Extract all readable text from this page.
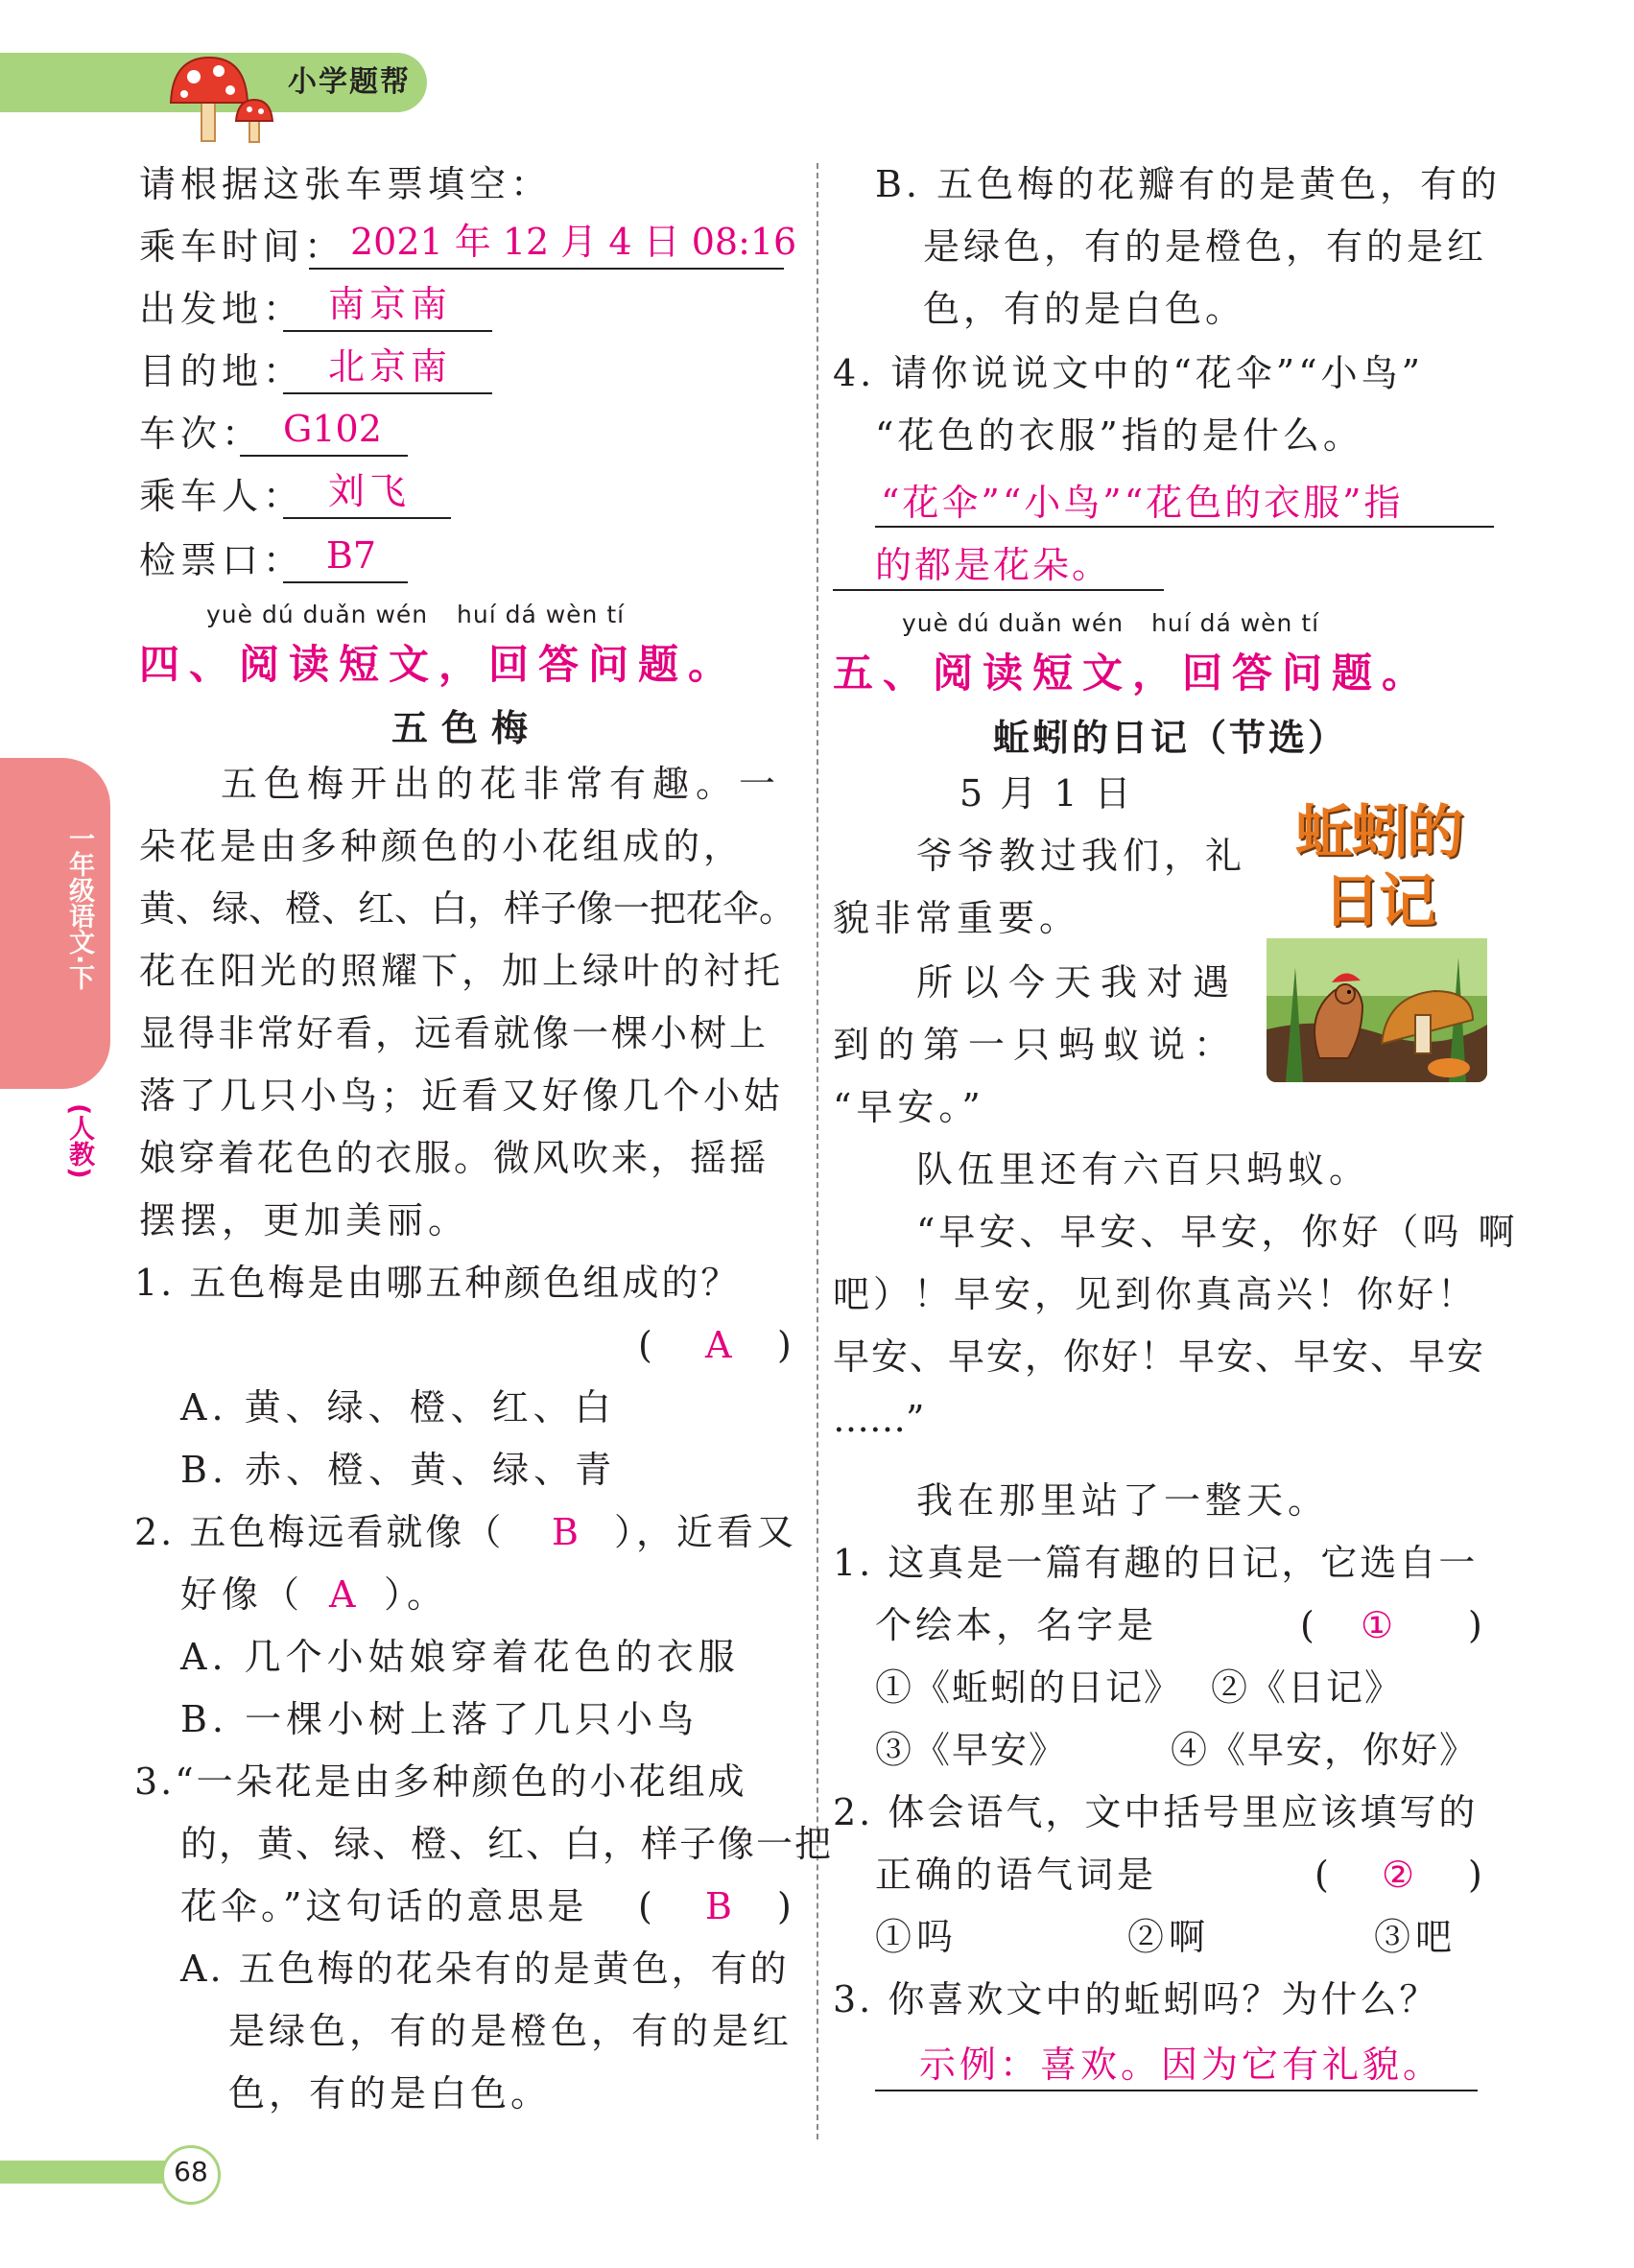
小学题帮
一年级语文·下
(人教)
68
请根据这张车票填空：
乘车时间： 2021 年 12 月 4 日 08:16
出发地： 南京南
目的地： 北京南
车次： G102
乘车人： 刘飞
检票口： B7
yuè dú duǎn wén huí dá wèn tí
四、阅读短文，回答问题。
五色梅
五色梅开出的花非常有趣。一
朵花是由多种颜色的小花组成的，
黄、绿、橙、红、白，样子像一把花伞。
花在阳光的照耀下，加上绿叶的衬托
显得非常好看，远看就像一棵小树上
落了几只小鸟；近看又好像几个小姑
娘穿着花色的衣服。微风吹来，摇摇
摆摆，更加美丽。
1. 五色梅是由哪五种颜色组成的？
( A )
A. 黄、绿、橙、红、白
B. 赤、橙、黄、绿、青
2. 五色梅远看就像（ B ），近看又
好像（ A ）。
A. 几个小姑娘穿着花色的衣服
B. 一棵小树上落了几只小鸟
3.“一朵花是由多种颜色的小花组成
的，黄、绿、橙、红、白，样子像一把
花伞。”这句话的意思是 ( B )
A. 五色梅的花朵有的是黄色，有的
是绿色，有的是橙色，有的是红
色，有的是白色。
B. 五色梅的花瓣有的是黄色，有的
是绿色，有的是橙色，有的是红
色，有的是白色。
4. 请你说说文中的“花伞”“小鸟”
“花色的衣服”指的是什么。
“花伞”“小鸟”“花色的衣服”指
的都是花朵。
yuè dú duǎn wén huí dá wèn tí
五、阅读短文，回答问题。
蚯蚓的日记（节选）
5 月 1 日
蚯蚓的日记
爷爷教过我们，礼
貌非常重要。
所以今天我对遇
到的第一只蚂蚁说：
“早安。”
队伍里还有六百只蚂蚁。
“早安、早安、早安，你好（吗 啊
吧）！早安，见到你真高兴！你好！
早安、早安，你好！早安、早安、早安
……”
我在那里站了一整天。
1. 这真是一篇有趣的日记，它选自一
个绘本，名字是	( ① )
①《蚯蚓的日记》 ②《日记》
③《早安》	④《早安，你好》
2. 体会语气，文中括号里应该填写的
正确的语气词是	( ② )
①吗	②啊	③吧
3. 你喜欢文中的蚯蚓吗？为什么？
示例：喜欢。因为它有礼貌。
